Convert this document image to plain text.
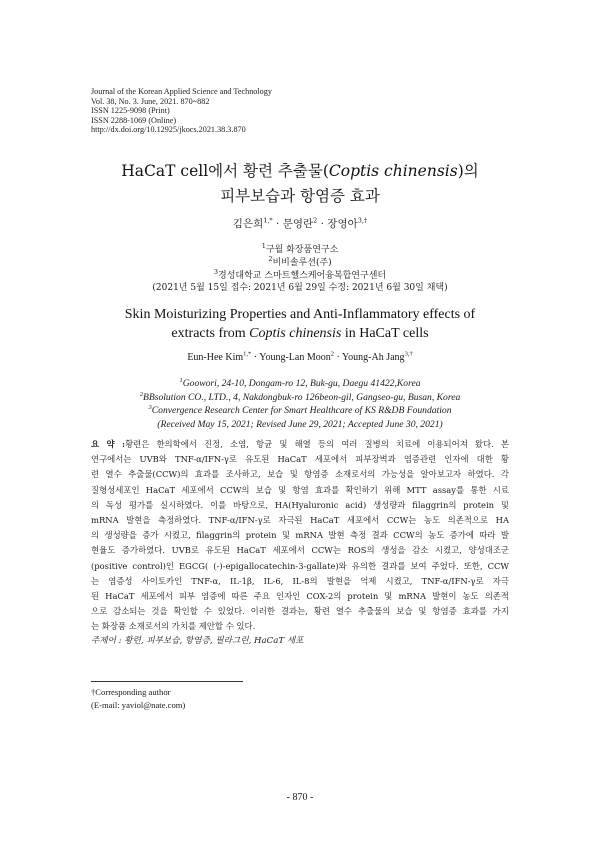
Journal of the Korean Applied Science and Technology
Vol. 38, No. 3. June, 2021. 870~882
ISSN 1225-9098 (Print)
ISSN 2288-1069 (Online)
http://dx.doi.org/10.12925/jkocs.2021.38.3.870
HaCaT cell에서 황련 추출물(Coptis chinensis)의
피부보습과 항염증 효과
김은희$^{1,*}$ · 문영란$^2$ · 장영아$^{3,\dagger}$
$^1$구월 화장품연구소
$^2$비비솔루션(주)
$^3$경성대학교 스마트헬스케어융복합연구센터
(2021년 5월 15일 접수: 2021년 6월 29일 수정: 2021년 6월 30일 채택)
Skin Moisturizing Properties and Anti-Inflammatory effects of
extracts from Coptis chinensis in HaCaT cells
Eun-Hee Kim$^{1,*}$ · Young-Lan Moon$^2$ · Young-Ah Jang$^{3,\dagger}$
$^1$Goowori, 24-10, Dongam-ro 12, Buk-gu, Daegu 41422,Korea
$^2$BBsolution CO., LTD., 4, Nakdongbuk-ro 126beon-gil, Gangseo-gu, Busan, Korea
$^3$Convergence Research Center for Smart Healthcare of KS R&DB Foundation
(Received May 15, 2021; Revised June 29, 2021; Accepted June 30, 2021)
요 약 :황련은 한의학에서 진정, 소염, 항균 및 해열 등의 여러 질병의 치료에 이용되어져 왔다. 본
연구에서는 UVB와 TNF-α/IFN-γ로 유도된 HaCaT 세포에서 피부장벽과 염증관련 인자에 대한 황
련 열수 추출물(CCW)의 효과를 조사하고, 보습 및 항염증 소재로서의 가능성을 알아보고자 하였다. 각
질형성세포인 HaCaT 세포에서 CCW의 보습 및 항염 효과를 확인하기 위해 MTT assay를 통한 시료
의 독성 평가를 실시하였다. 이를 바탕으로, HA(Hyaluronic acid) 생성량과 filaggrin의 protein 및
mRNA 발현을 측정하였다. TNF-α/IFN-γ로 자극된 HaCaT 세포에서 CCW는 농도 의존적으로 HA
의 생성량을 증가 시켰고, filaggrin의 protein 및 mRNA 발현 측정 결과 CCW의 농도 증가에 따라 발
현율도 증가하였다. UVB로 유도된 HaCaT 세포에서 CCW는 ROS의 생성을 감소 시켰고, 양성대조군
(positive control)인 EGCG( (-)-epigallocatechin-3-gallate)와 유의한 결과를 보여 주었다. 또한, CCW
는 염증성 사이토카인 TNF-α, IL-1β, IL-6, IL-8의 발현을 억제 시켰고, TNF-α/IFN-γ로 자극
된 HaCaT 세포에서 피부 염증에 따른 주요 인자인 COX-2의 protein 및 mRNA 발현이 농도 의존적
으로 감소되는 것을 확인할 수 있었다. 이러한 결과는, 황련 열수 추출물의 보습 및 항염증 효과를 가지
는 화장품 소재로서의 가치를 제안할 수 있다.
주제어 : 황련, 피부보습, 항염증, 필라그린, HaCaT 세포
†Corresponding author
(E-mail: yaviol@nate.com)
- 870 -
